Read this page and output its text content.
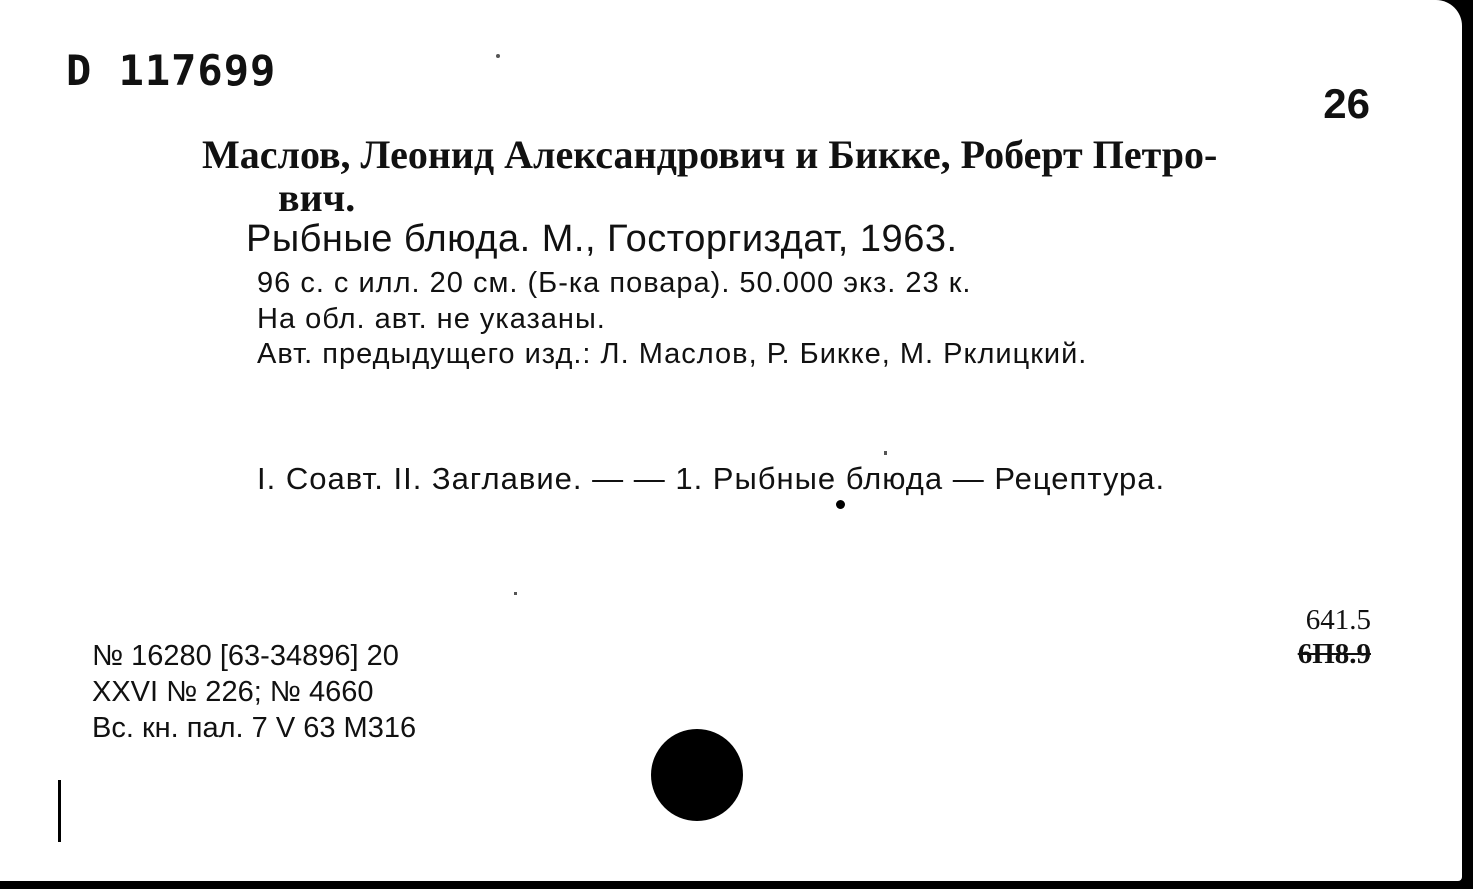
D 117699
26
Маслов, Леонид Александрович и Бикке, Роберт Петро-
вич.
Рыбные блюда. М., Госторгиздат, 1963.
96 с. с илл. 20 см. (Б-ка повара). 50.000 экз. 23 к.
На обл. авт. не указаны.
Авт. предыдущего изд.: Л. Маслов, Р. Бикке, М. Рклицкий.
I. Соавт. II. Заглавие. — — 1. Рыбные блюда — Рецептура.
641.5
6П8.9
№ 16280 [63-34896] 20
XXVI № 226; № 4660
Вс. кн. пал. 7 V 63 М316
